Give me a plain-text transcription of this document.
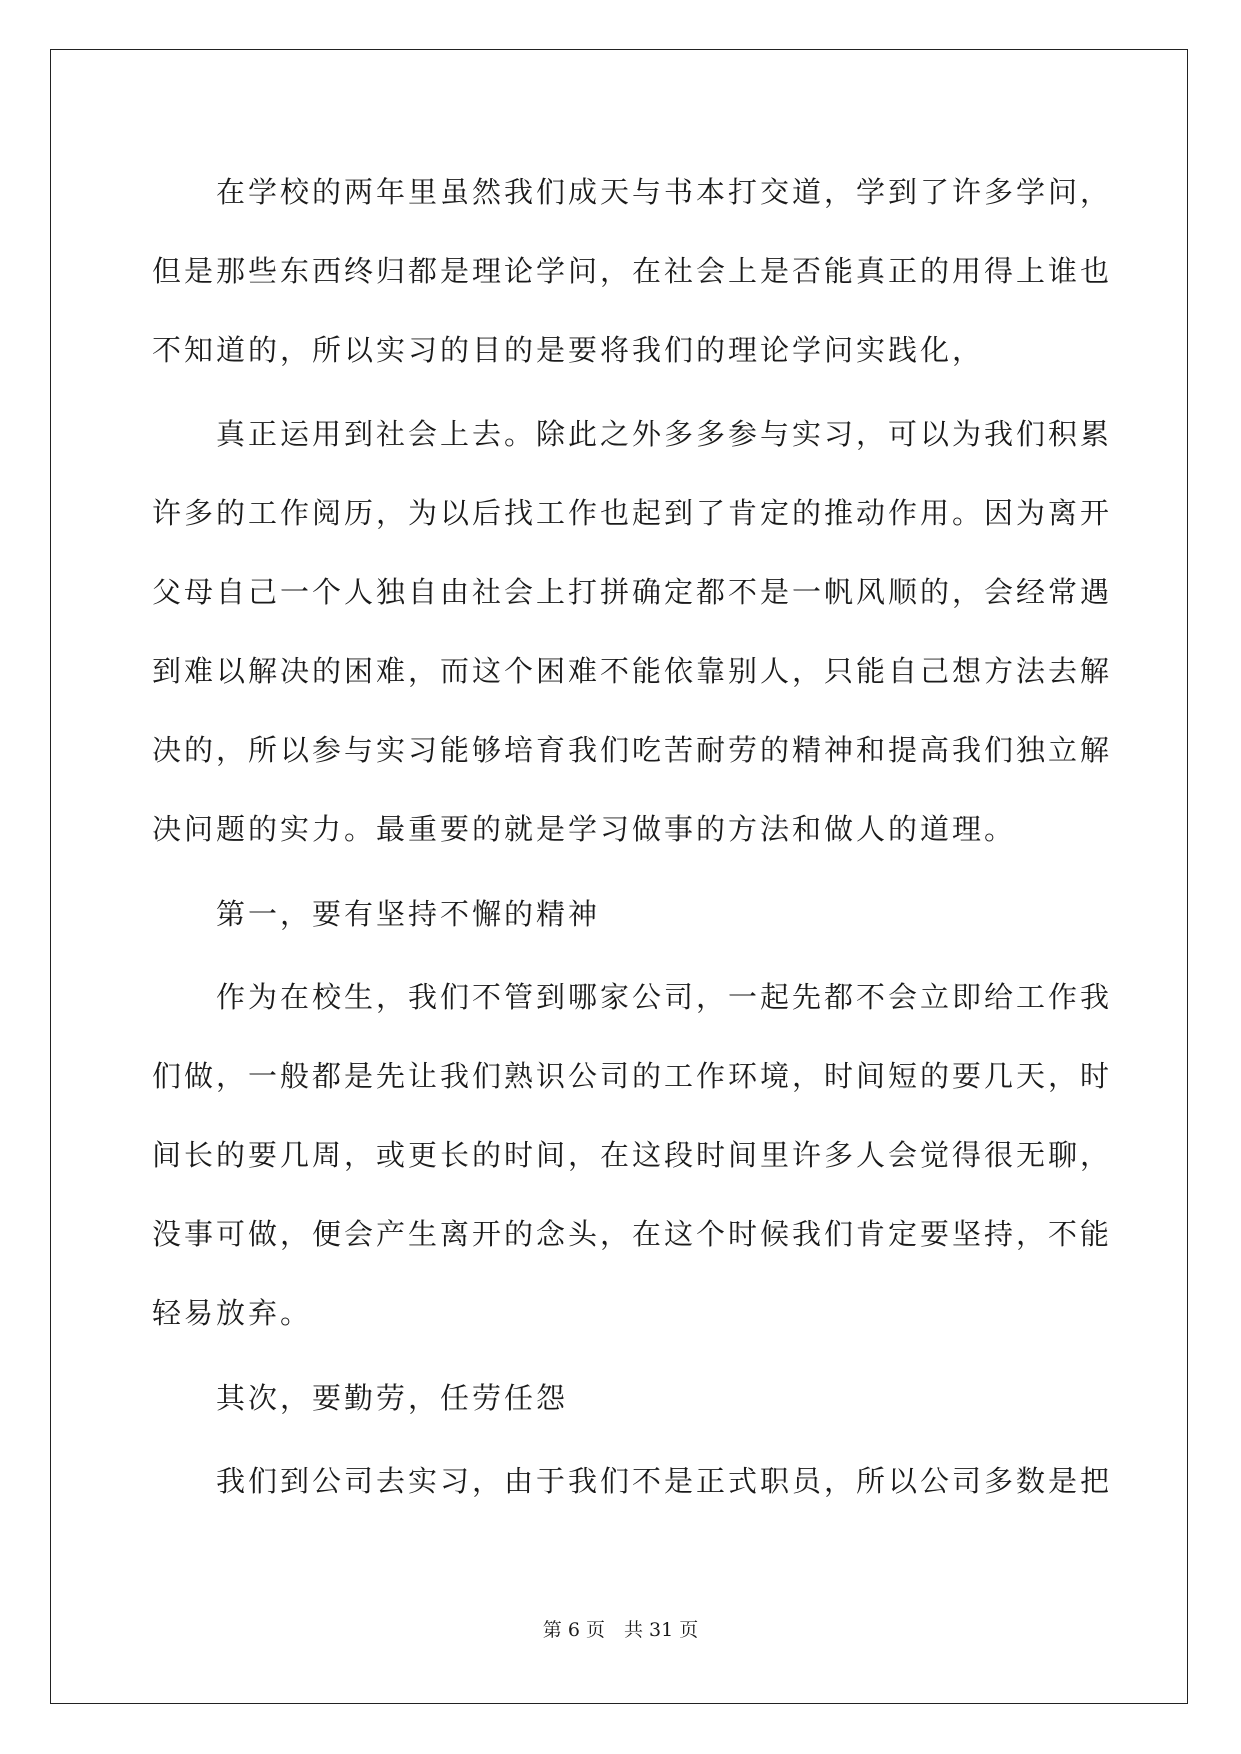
　　在学校的两年里虽然我们成天与书本打交道，学到了许多学问，
但是那些东西终归都是理论学问，在社会上是否能真正的用得上谁也
不知道的，所以实习的目的是要将我们的理论学问实践化，
　　真正运用到社会上去。除此之外多多参与实习，可以为我们积累
许多的工作阅历，为以后找工作也起到了肯定的推动作用。因为离开
父母自己一个人独自由社会上打拼确定都不是一帆风顺的，会经常遇
到难以解决的困难，而这个困难不能依靠别人，只能自己想方法去解
决的，所以参与实习能够培育我们吃苦耐劳的精神和提高我们独立解
决问题的实力。最重要的就是学习做事的方法和做人的道理。
　　第一，要有坚持不懈的精神
　　作为在校生，我们不管到哪家公司，一起先都不会立即给工作我
们做，一般都是先让我们熟识公司的工作环境，时间短的要几天，时
间长的要几周，或更长的时间，在这段时间里许多人会觉得很无聊，
没事可做，便会产生离开的念头，在这个时候我们肯定要坚持，不能
轻易放弃。
　　其次，要勤劳，任劳任怨
　　我们到公司去实习，由于我们不是正式职员，所以公司多数是把
第 6 页　共 31 页
